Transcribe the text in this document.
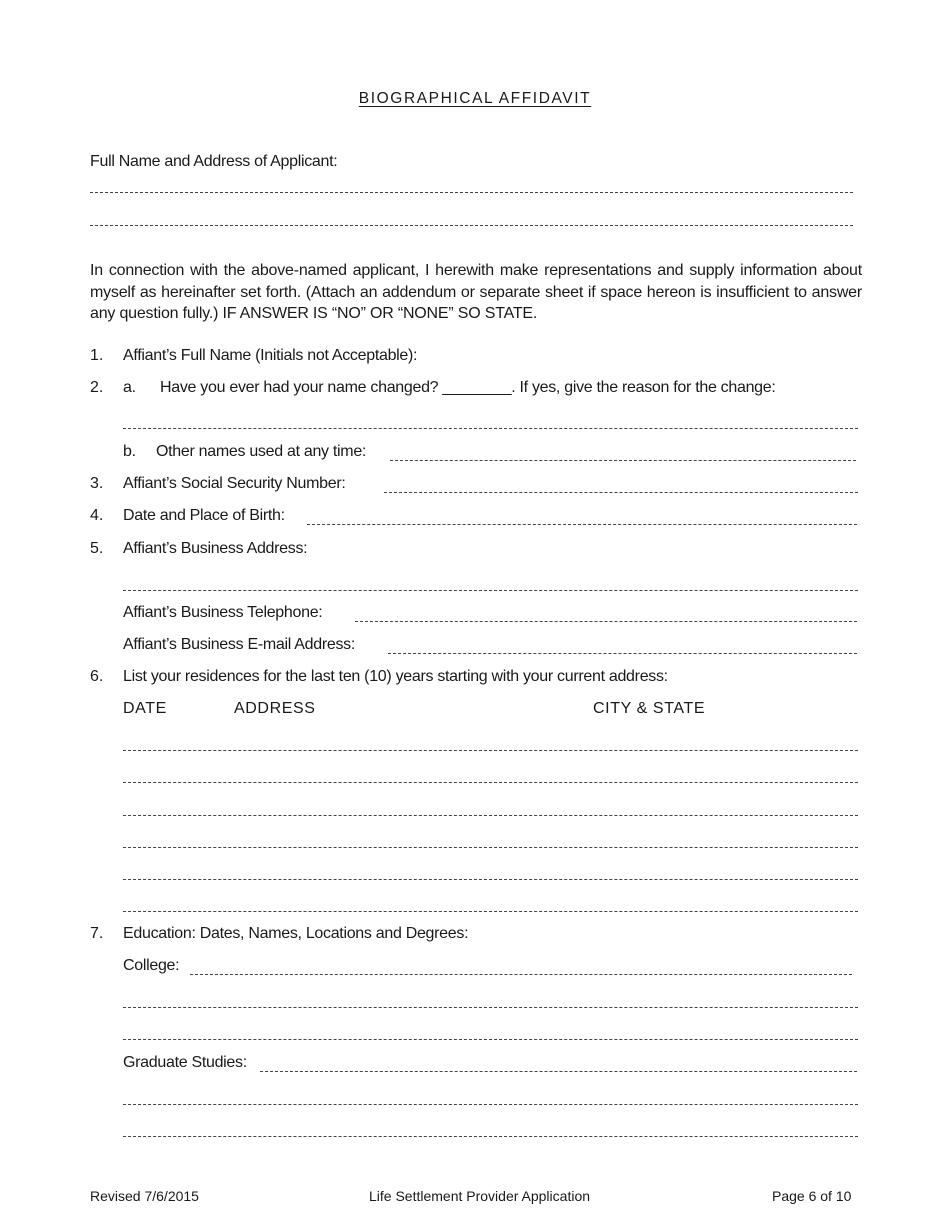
BIOGRAPHICAL AFFIDAVIT
Full Name and Address of Applicant:
In connection with the above-named applicant, I herewith make representations and supply information about myself as hereinafter set forth. (Attach an addendum or separate sheet if space hereon is insufficient to answer any question fully.) IF ANSWER IS “NO” OR “NONE” SO STATE.
1. Affiant’s Full Name (Initials not Acceptable):
2. a. Have you ever had your name changed? ________. If yes, give the reason for the change:
b. Other names used at any time:
3. Affiant’s Social Security Number:
4. Date and Place of Birth:
5. Affiant’s Business Address:
Affiant’s Business Telephone:
Affiant’s Business E-mail Address:
6. List your residences for the last ten (10) years starting with your current address:
DATE	ADDRESS	CITY & STATE
7. Education: Dates, Names, Locations and Degrees:
College:
Graduate Studies:
Revised 7/6/2015	Life Settlement Provider Application	Page 6 of 10
